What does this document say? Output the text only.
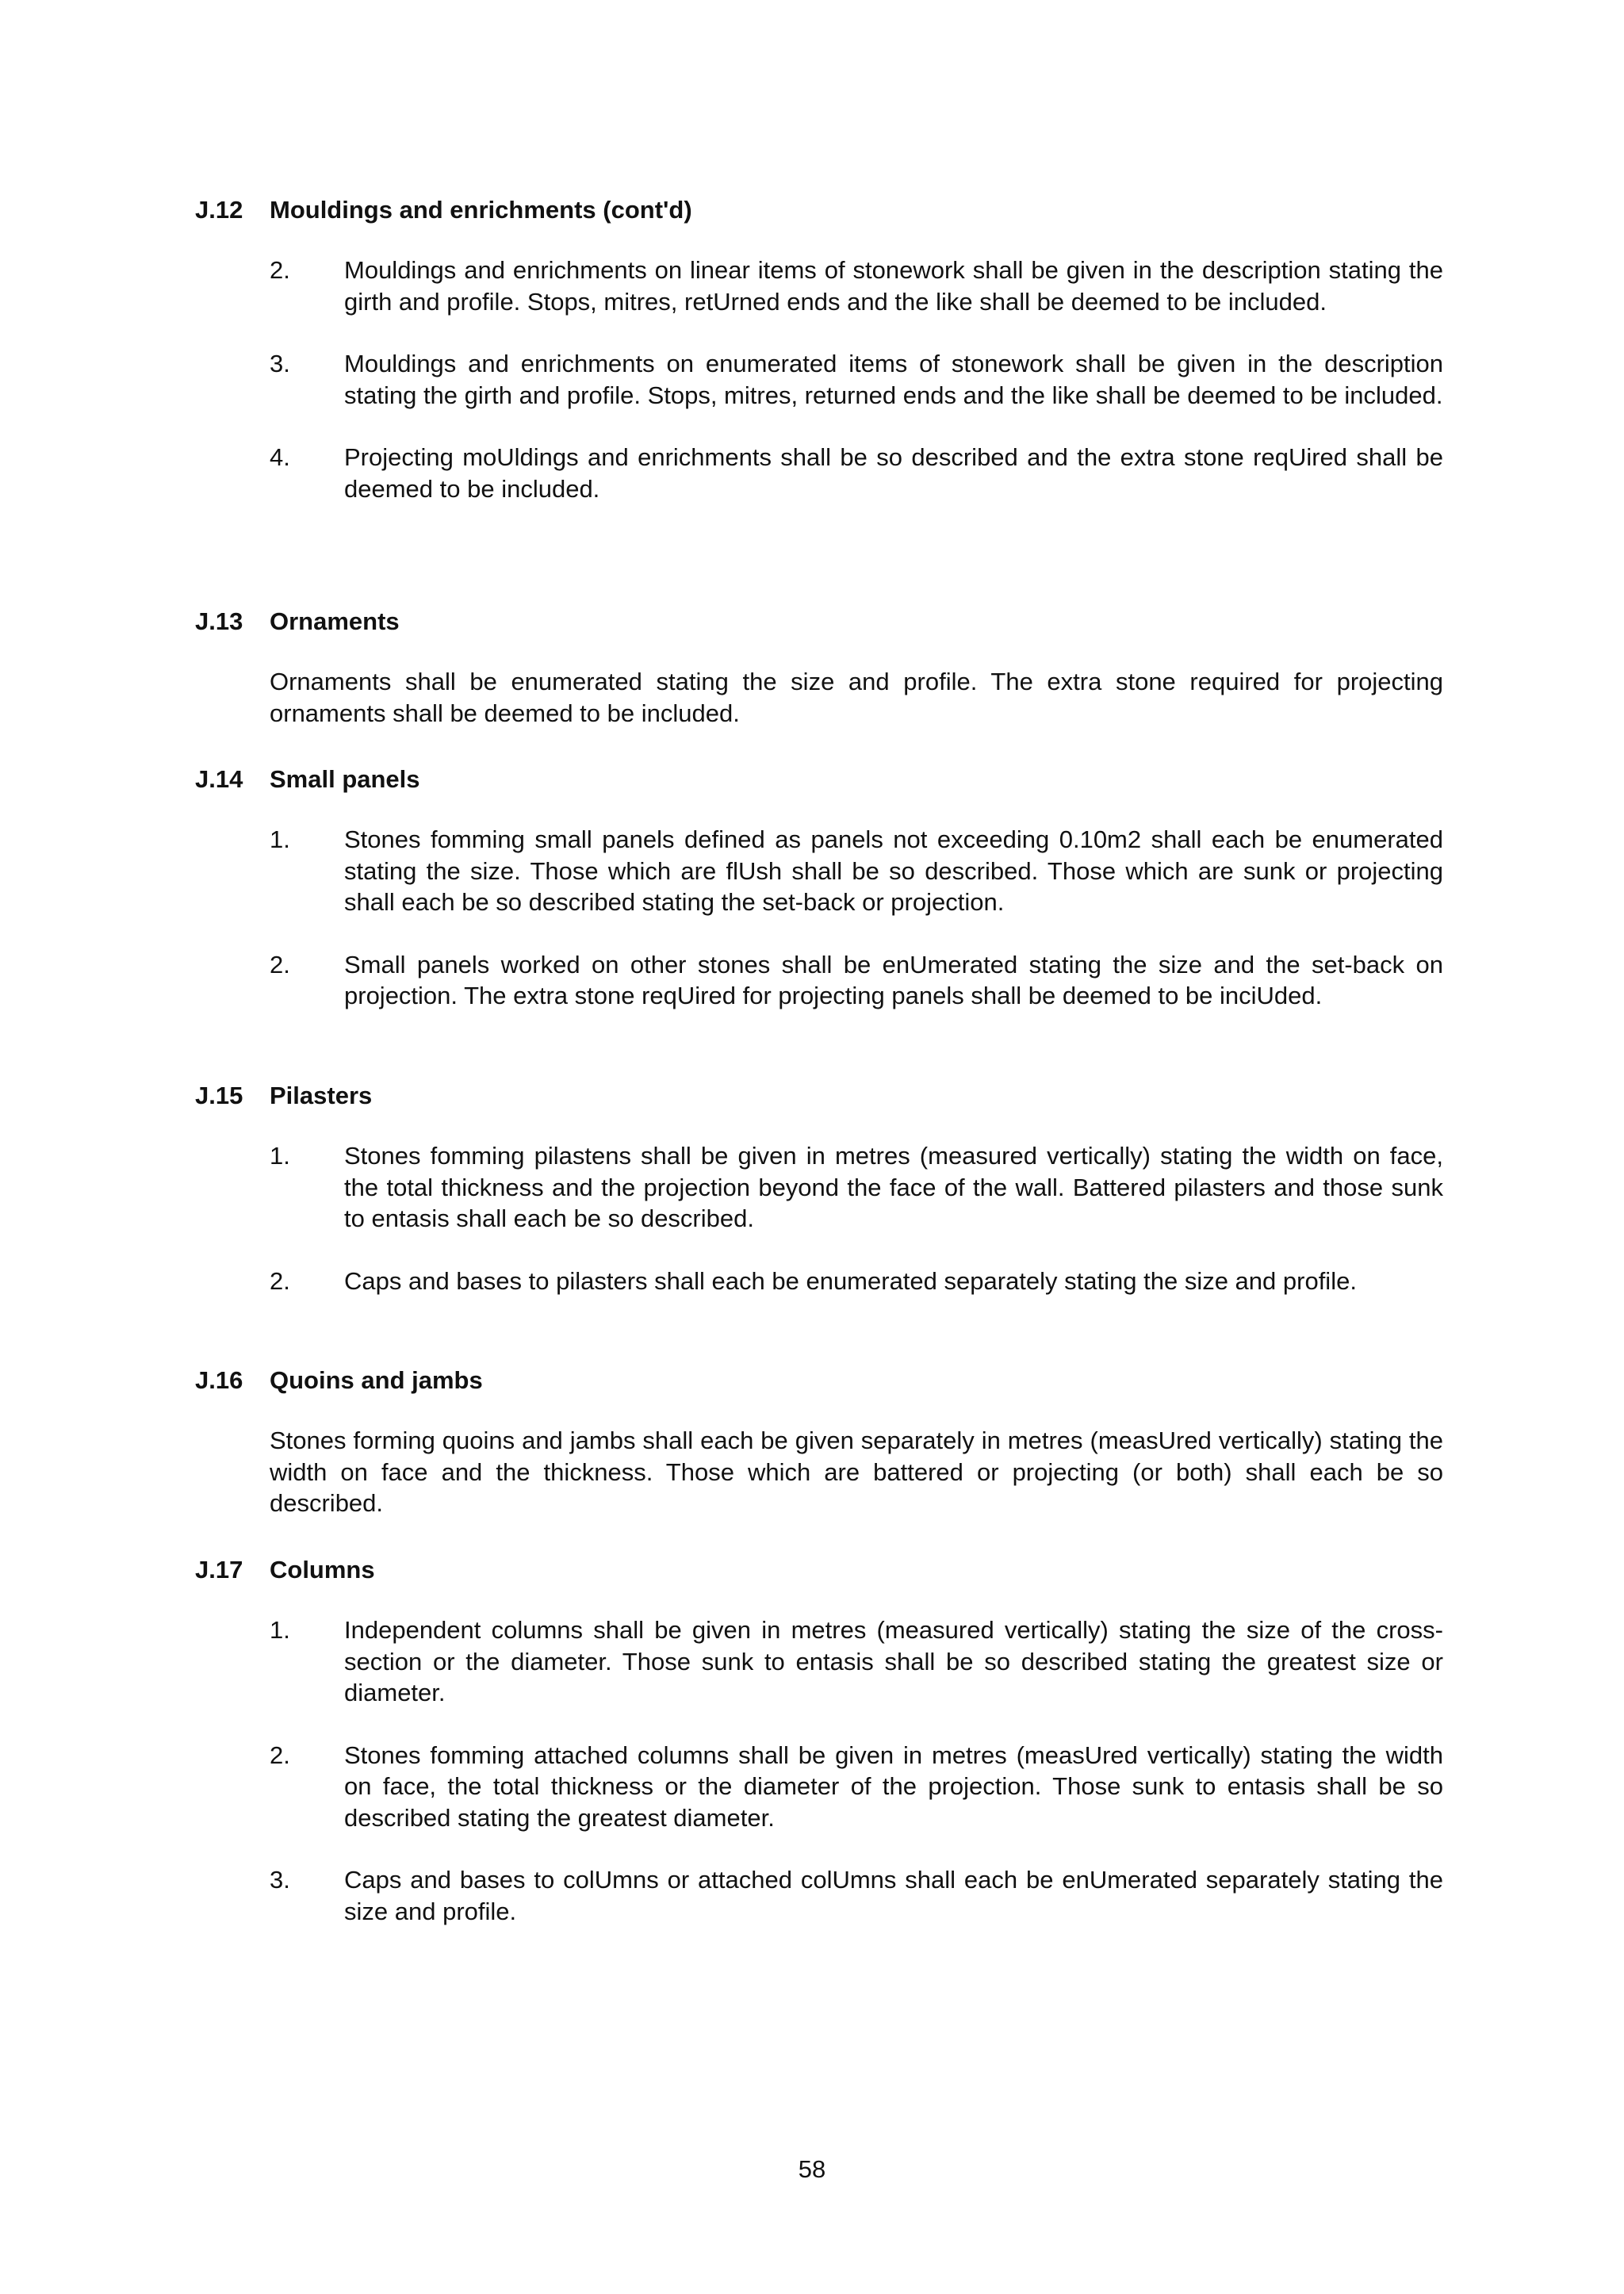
J.12 Mouldings and enrichments (cont'd)
2. Mouldings and enrichments on linear items of stonework shall be given in the description stating the girth and profile. Stops, mitres, retUrned ends and the like shall be deemed to be included.
3. Mouldings and enrichments on enumerated items of stonework shall be given in the description stating the girth and profile. Stops, mitres, returned ends and the like shall be deemed to be included.
4. Projecting moUldings and enrichments shall be so described and the extra stone reqUired shall be deemed to be included.
J.13 Ornaments
Ornaments shall be enumerated stating the size and profile. The extra stone required for projecting ornaments shall be deemed to be included.
J.14 Small panels
1. Stones fomming small panels defined as panels not exceeding 0.10m2 shall each be enumerated stating the size. Those which are flUsh shall be so described. Those which are sunk or projecting shall each be so described stating the set-back or projection.
2. Small panels worked on other stones shall be enUmerated stating the size and the set-back on projection. The extra stone reqUired for projecting panels shall be deemed to be inciUded.
J.15 Pilasters
1. Stones fomming pilastens shall be given in metres (measured vertically) stating the width on face, the total thickness and the projection beyond the face of the wall. Battered pilasters and those sunk to entasis shall each be so described.
2. Caps and bases to pilasters shall each be enumerated separately stating the size and profile.
J.16 Quoins and jambs
Stones forming quoins and jambs shall each be given separately in metres (measUred vertically) stating the width on face and the thickness. Those which are battered or projecting (or both) shall each be so described.
J.17 Columns
1. Independent columns shall be given in metres (measured vertically) stating the size of the cross-section or the diameter. Those sunk to entasis shall be so described stating the greatest size or diameter.
2. Stones fomming attached columns shall be given in metres (measUred vertically) stating the width on face, the total thickness or the diameter of the projection. Those sunk to entasis shall be so described stating the greatest diameter.
3. Caps and bases to colUmns or attached colUmns shall each be enUmerated separately stating the size and profile.
58
